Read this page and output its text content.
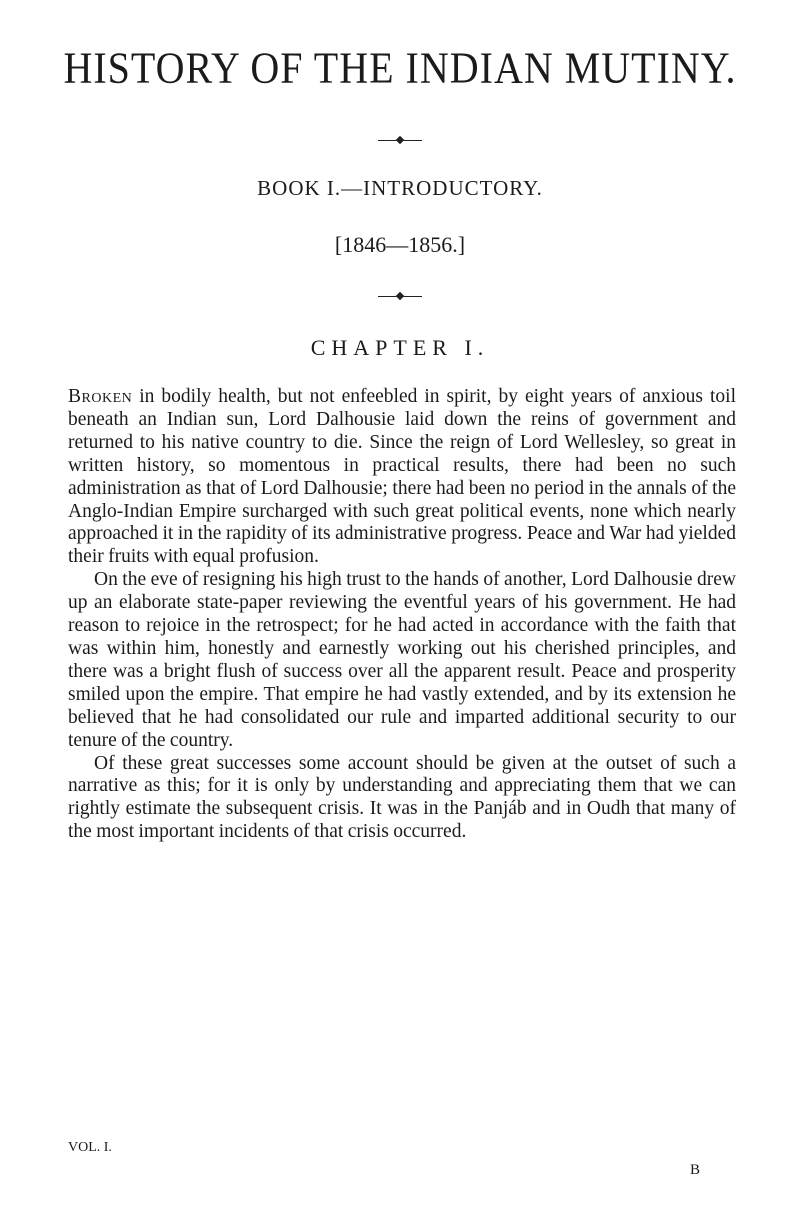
HISTORY OF THE INDIAN MUTINY.

BOOK I.—INTRODUCTORY.

[1846—1856.]

CHAPTER I.

Broken in bodily health, but not enfeebled in spirit, by eight years of anxious toil beneath an Indian sun, Lord Dalhousie laid down the reins of government and returned to his native country to die. Since the reign of Lord Wellesley, so great in written history, so momentous in practical results, there had been no such administration as that of Lord Dalhousie; there had been no period in the annals of the Anglo-Indian Empire surcharged with such great political events, none which nearly approached it in the rapidity of its administrative progress. Peace and War had yielded their fruits with equal profusion.

On the eve of resigning his high trust to the hands of another, Lord Dalhousie drew up an elaborate state-paper reviewing the eventful years of his government. He had reason to rejoice in the retrospect; for he had acted in accordance with the faith that was within him, honestly and earnestly working out his cherished principles, and there was a bright flush of success over all the apparent result. Peace and prosperity smiled upon the empire. That empire he had vastly extended, and by its extension he believed that he had consolidated our rule and imparted additional security to our tenure of the country.

Of these great successes some account should be given at the outset of such a narrative as this; for it is only by understanding and appreciating them that we can rightly estimate the subsequent crisis. It was in the Panjáb and in Oudh that many of the most important incidents of that crisis occurred.

VOL. I.

B
